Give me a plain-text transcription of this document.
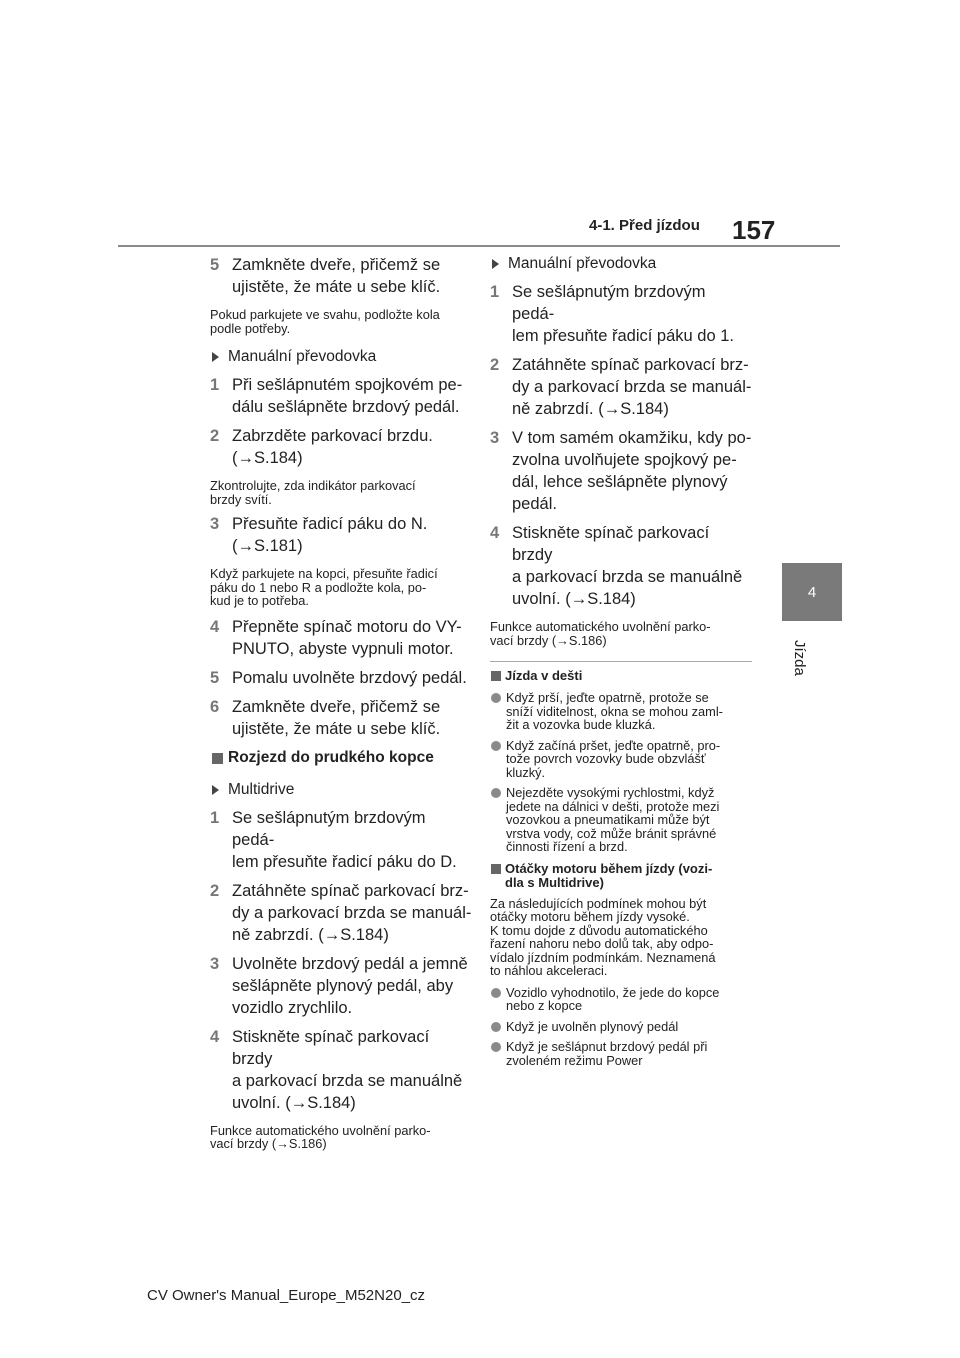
4-1. Před jízdou 157
4
Jízda
5 Zamkněte dveře, přičemž se
ujistěte, že máte u sebe klíč.
Pokud parkujete ve svahu, podložte kola
podle potřeby.
Manuální převodovka
1 Při sešlápnutém spojkovém pe-
dálu sešlápněte brzdový pedál.
2 Zabrzděte parkovací brzdu.
(→S.184)
Zkontrolujte, zda indikátor parkovací
brzdy svítí.
3 Přesuňte řadicí páku do N.
(→S.181)
Když parkujete na kopci, přesuňte řadicí
páku do 1 nebo R a podložte kola, po-
kud je to potřeba.
4 Přepněte spínač motoru do VY-
PNUTO, abyste vypnuli motor.
5 Pomalu uvolněte brzdový pedál.
6 Zamkněte dveře, přičemž se
ujistěte, že máte u sebe klíč.
Rozjezd do prudkého kopce
Multidrive
1 Se sešlápnutým brzdovým pedá-
lem přesuňte řadicí páku do D.
2 Zatáhněte spínač parkovací brz-
dy a parkovací brzda se manuál-
ně zabrzdí. (→S.184)
3 Uvolněte brzdový pedál a jemně
sešlápněte plynový pedál, aby
vozidlo zrychlilo.
4 Stiskněte spínač parkovací brzdy
a parkovací brzda se manuálně
uvolní. (→S.184)
Funkce automatického uvolnění parko-
vací brzdy (→S.186)
Manuální převodovka
1 Se sešlápnutým brzdovým pedá-
lem přesuňte řadicí páku do 1.
2 Zatáhněte spínač parkovací brz-
dy a parkovací brzda se manuál-
ně zabrzdí. (→S.184)
3 V tom samém okamžiku, kdy po-
zvolna uvolňujete spojkový pe-
dál, lehce sešlápněte plynový
pedál.
4 Stiskněte spínač parkovací brzdy
a parkovací brzda se manuálně
uvolní. (→S.184)
Funkce automatického uvolnění parko-
vací brzdy (→S.186)
Jízda v dešti
Když prší, jeďte opatrně, protože se
sníží viditelnost, okna se mohou zaml-
žit a vozovka bude kluzká.
Když začíná pršet, jeďte opatrně, pro-
tože povrch vozovky bude obzvlášť
kluzký.
Nejezděte vysokými rychlostmi, když
jedete na dálnici v dešti, protože mezi
vozovkou a pneumatikami může být
vrstva vody, což může bránit správné
činnosti řízení a brzd.
Otáčky motoru během jízdy (vozi-
dla s Multidrive)
Za následujících podmínek mohou být
otáčky motoru během jízdy vysoké.
K tomu dojde z důvodu automatického
řazení nahoru nebo dolů tak, aby odpo-
vídalo jízdním podmínkám. Neznamená
to náhlou akceleraci.
Vozidlo vyhodnotilo, že jede do kopce
nebo z kopce
Když je uvolněn plynový pedál
Když je sešlápnut brzdový pedál při
zvoleném režimu Power
CV Owner's Manual_Europe_M52N20_cz
